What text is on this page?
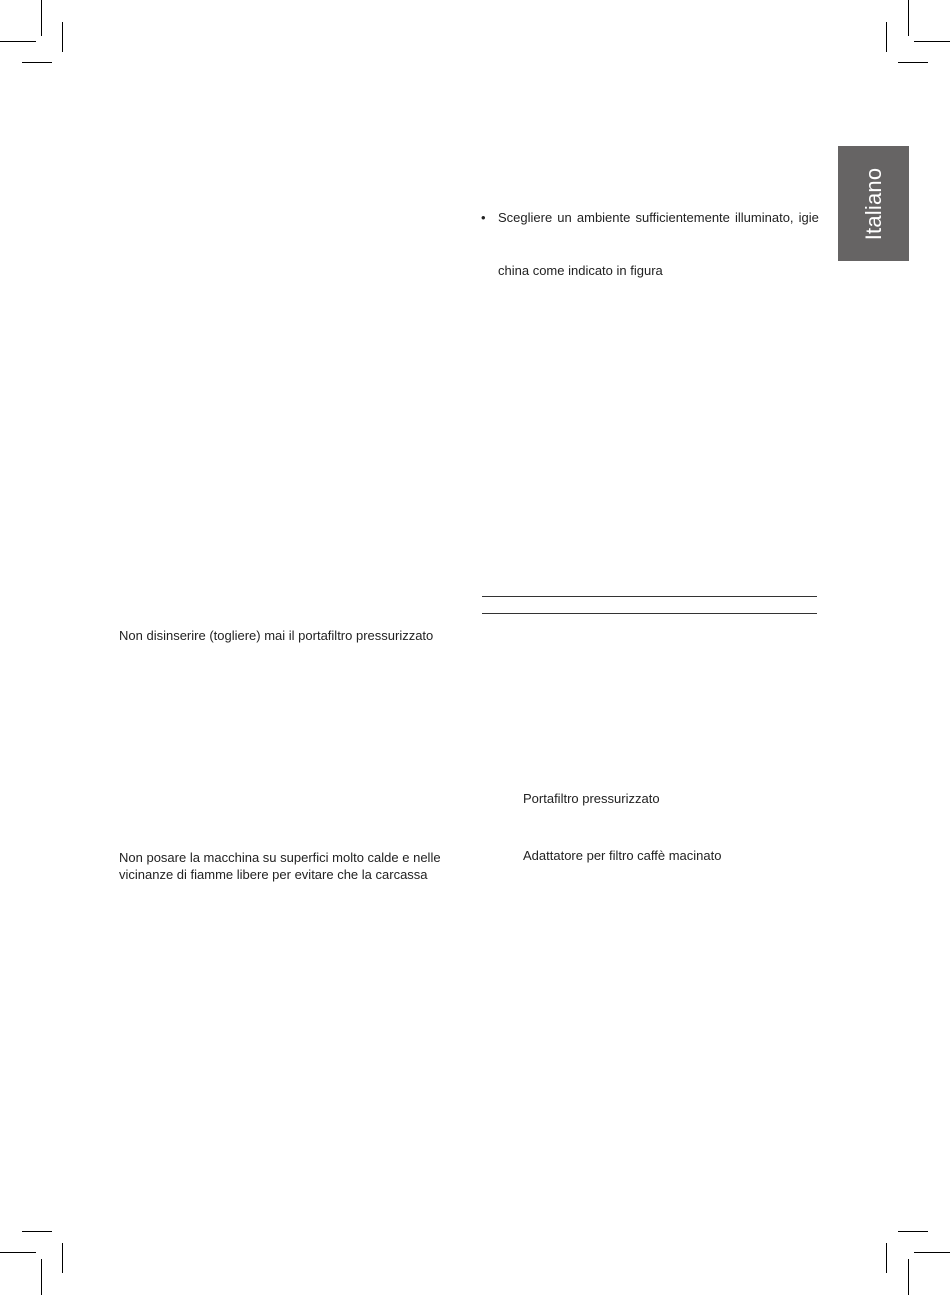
Italiano
• Scegliere un ambiente sufficientemente illuminato, igie
china come indicato in figura
Portafiltro pressurizzato
Adattatore per filtro caffè macinato
Non disinserire (togliere) mai il portafiltro pressurizzato
Non posare la macchina su superfici molto calde e nelle
vicinanze di fiamme libere per evitare che la carcassa
